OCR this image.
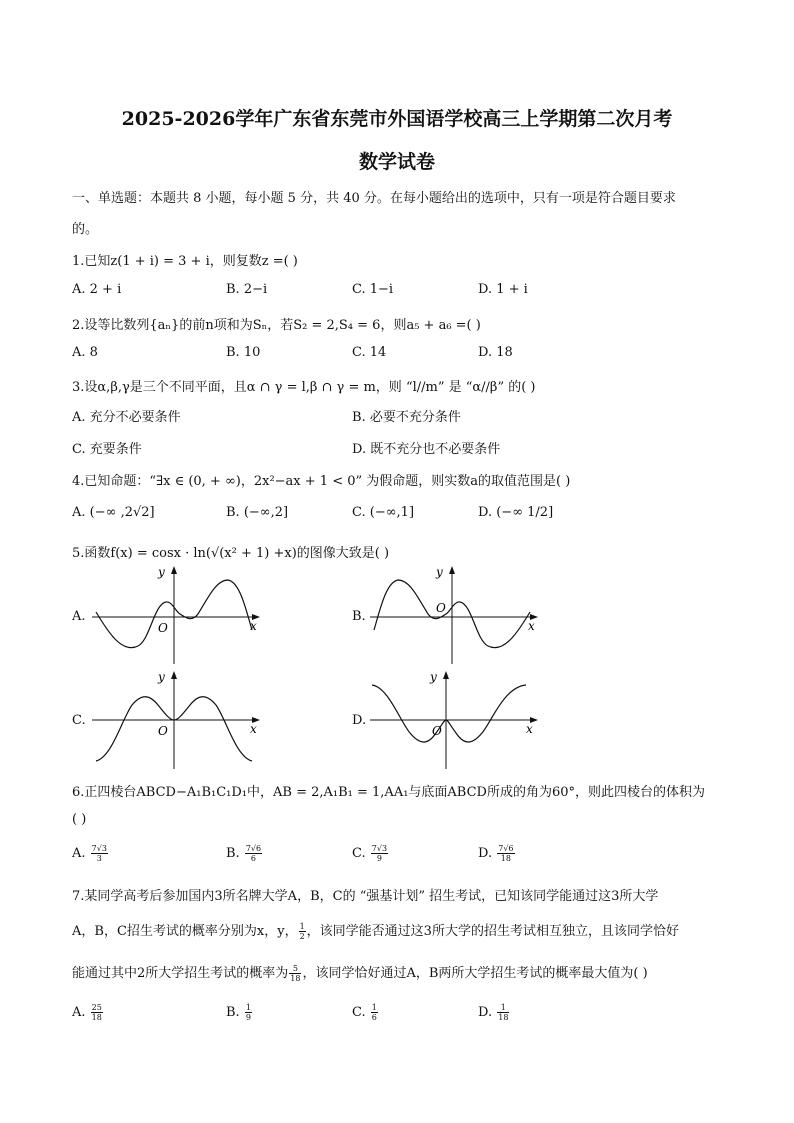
2025-2026学年广东省东莞市外国语学校高三上学期第二次月考
数学试卷
一、单选题：本题共 8 小题，每小题 5 分，共 40 分。在每小题给出的选项中，只有一项是符合题目要求
的。
1.已知z(1 + i) = 3 + i，则复数z =( )
A. 2 + i	B. 2−i	C. 1−i	D. 1 + i
2.设等比数列{aₙ}的前n项和为Sₙ，若S₂ = 2,S₄ = 6，则a₅ + a₆ =( )
A. 8	B. 10	C. 14	D. 18
3.设α,β,γ是三个不同平面，且α ∩ γ = l,β ∩ γ = m，则 “l//m” 是 “α//β” 的( )
A. 充分不必要条件	B. 必要不充分条件
C. 充要条件	D. 既不充分也不必要条件
4.已知命题：“∃x ∈ (0, + ∞)，2x²−ax + 1 < 0” 为假命题，则实数a的取值范围是( )
A. (−∞ ,2√2]	B. (−∞,2]	C. (−∞,1]	D. (−∞ 1/2]
5.函数f(x) = cosx · ln(√(x² + 1) +x)的图像大致是( )
A.	B.
C.	D.
y
x
O
y
x
O
y
x
O
y
x
O
6.正四棱台ABCD−A₁B₁C₁D₁中，AB = 2,A₁B₁ = 1,AA₁与底面ABCD所成的角为60°，则此四棱台的体积为
( )
A. $\frac{7√3}{3}$	B. $\frac{7√6}{6}$	C. $\frac{7√3}{9}$	D. $\frac{7√6}{18}$
7.某同学高考后参加国内3所名牌大学A，B，C的 “强基计划” 招生考试，已知该同学能通过这3所大学
A，B，C招生考试的概率分别为x，y， $\frac{1}{2}$ ，该同学能否通过这3所大学的招生考试相互独立，且该同学恰好
能通过其中2所大学招生考试的概率为 $\frac{5}{18}$ ，该同学恰好通过A，B两所大学招生考试的概率最大值为( )
A. $\frac{25}{18}$	B. $\frac{1}{9}$	C. $\frac{1}{6}$	D. $\frac{1}{18}$
